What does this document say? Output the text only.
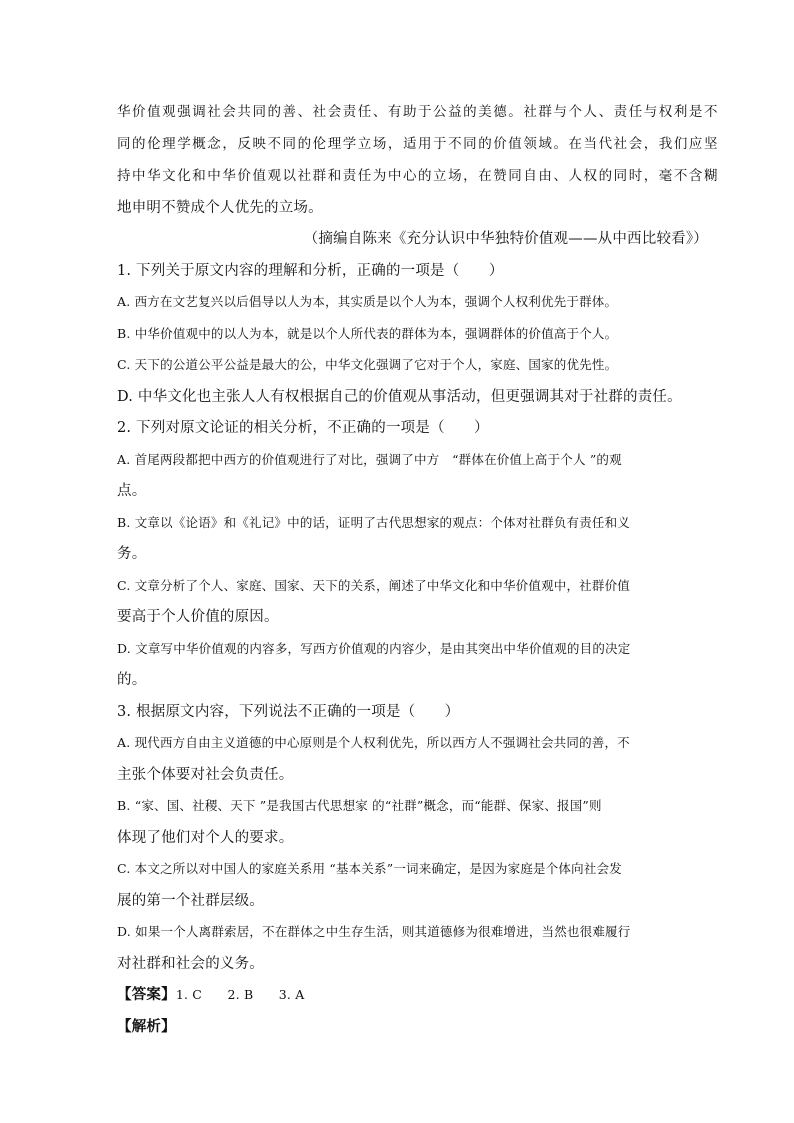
华价值观强调社会共同的善、社会责任、有助于公益的美德。社群与个人、责任与权利是不
同的伦理学概念，反映不同的伦理学立场，适用于不同的价值领域。在当代社会，我们应坚
持中华文化和中华价值观以社群和责任为中心的立场，在赞同自由、人权的同时，毫不含糊
地申明不赞成个人优先的立场。
（摘编自陈来《充分认识中华独特价值观——从中西比较看》）
1. 下列关于原文内容的理解和分析，正确的一项是（　　）
A. 西方在文艺复兴以后倡导以人为本，其实质是以个人为本，强调个人权利优先于群体。
B. 中华价值观中的以人为本，就是以个人所代表的群体为本，强调群体的价值高于个人。
C. 天下的公道公平公益是最大的公，中华文化强调了它对于个人，家庭、国家的优先性。
D. 中华文化也主张人人有权根据自己的价值观从事活动，但更强调其对于社群的责任。
2. 下列对原文论证的相关分析，不正确的一项是（　　）
A. 首尾两段都把中西方的价值观进行了对比，强调了中方　“群体在价值上高于个人 ”的观
点。
B. 文章以《论语》和《礼记》中的话，证明了古代思想家的观点：个体对社群负有责任和义
务。
C. 文章分析了个人、家庭、国家、天下的关系，阐述了中华文化和中华价值观中，社群价值
要高于个人价值的原因。
D. 文章写中华价值观的内容多，写西方价值观的内容少，是由其突出中华价值观的目的决定
的。
3. 根据原文内容，下列说法不正确的一项是（　　）
A. 现代西方自由主义道德的中心原则是个人权利优先，所以西方人不强调社会共同的善，不
主张个体要对社会负责任。
B. “家、国、社稷、天下 ”是我国古代思想家 的“社群”概念，而“能群、保家、报国”则
体现了他们对个人的要求。
C. 本文之所以对中国人的家庭关系用 “基本关系”一词来确定，是因为家庭是个体向社会发
展的第一个社群层级。
D. 如果一个人离群索居，不在群体之中生存生活，则其道德修为很难增进，当然也很难履行
对社群和社会的义务。
【答案】1. C　　2. B　　3. A
【解析】
